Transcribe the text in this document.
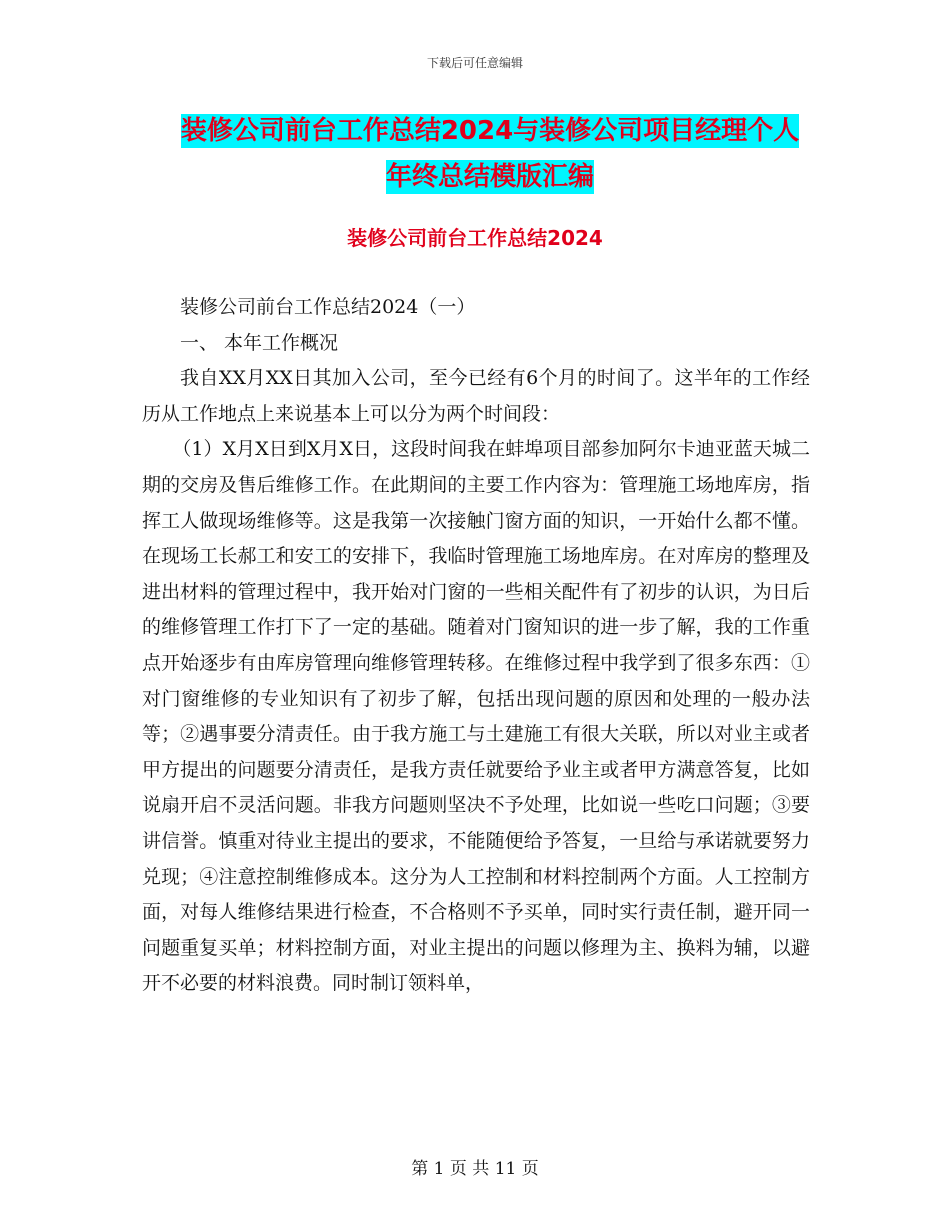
下载后可任意编辑
装修公司前台工作总结2024与装修公司项目经理个人
年终总结模版汇编
装修公司前台工作总结2024

装修公司前台工作总结2024（一）

一、 本年工作概况

我自XX月XX日其加入公司，至今已经有6个月的时间了。这半年的工作经历从工作地点上来说基本上可以分为两个时间段：

（1）X月X日到X月X日，这段时间我在蚌埠项目部参加阿尔卡迪亚蓝天城二期的交房及售后维修工作。在此期间的主要工作内容为：管理施工场地库房，指挥工人做现场维修等。这是我第一次接触门窗方面的知识，一开始什么都不懂。在现场工长郝工和安工的安排下，我临时管理施工场地库房。在对库房的整理及进出材料的管理过程中，我开始对门窗的一些相关配件有了初步的认识，为日后的维修管理工作打下了一定的基础。随着对门窗知识的进一步了解，我的工作重点开始逐步有由库房管理向维修管理转移。在维修过程中我学到了很多东西：①对门窗维修的专业知识有了初步了解，包括出现问题的原因和处理的一般办法等；②遇事要分清责任。由于我方施工与土建施工有很大关联，所以对业主或者甲方提出的问题要分清责任，是我方责任就要给予业主或者甲方满意答复，比如说扇开启不灵活问题。非我方问题则坚决不予处理，比如说一些吃口问题；③要讲信誉。慎重对待业主提出的要求，不能随便给予答复，一旦给与承诺就要努力兑现；④注意控制维修成本。这分为人工控制和材料控制两个方面。人工控制方面，对每人维修结果进行检查，不合格则不予买单，同时实行责任制，避开同一问题重复买单；材料控制方面，对业主提出的问题以修理为主、换料为辅，以避开不必要的材料浪费。同时制订领料单，

第 1 页 共 11 页
